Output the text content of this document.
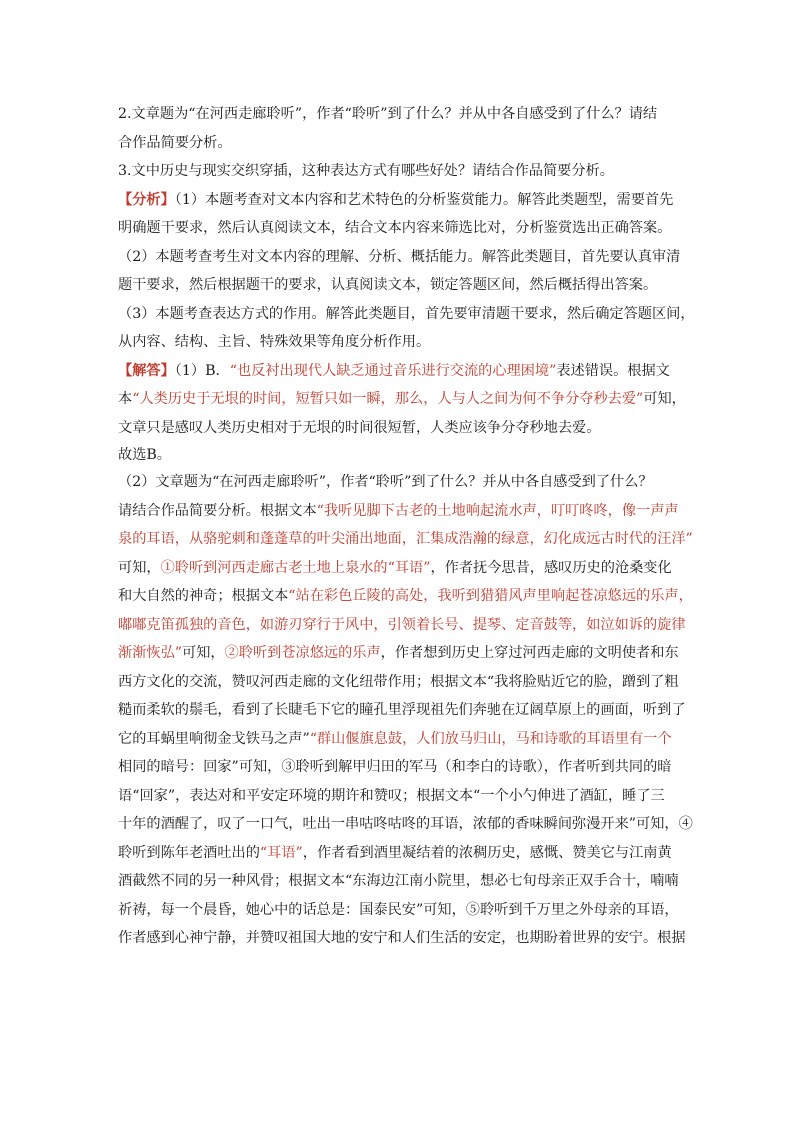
2.文章题为“在河西走廊聆听”，作者“聆听”到了什么？并从中各自感受到了什么？请结
合作品简要分析。
3.文中历史与现实交织穿插，这种表达方式有哪些好处？请结合作品简要分析。
【分析】（1）本题考查对文本内容和艺术特色的分析鉴赏能力。解答此类题型，需要首先
明确题干要求，然后认真阅读文本，结合文本内容来筛选比对，分析鉴赏选出正确答案。
（2）本题考查考生对文本内容的理解、分析、概括能力。解答此类题目，首先要认真审清
题干要求，然后根据题干的要求，认真阅读文本，锁定答题区间，然后概括得出答案。
（3）本题考查表达方式的作用。解答此类题目，首先要审清题干要求，然后确定答题区间，
从内容、结构、主旨、特殊效果等角度分析作用。
【解答】（1）B．“也反衬出现代人缺乏通过音乐进行交流的心理困境”表述错误。根据文
本“人类历史于无垠的时间，短暂只如一瞬，那么，人与人之间为何不争分夺秒去爱”可知，
文章只是感叹人类历史相对于无垠的时间很短暂，人类应该争分夺秒地去爱。
故选B。
（2）文章题为“在河西走廊聆听”，作者“聆听”到了什么？并从中各自感受到了什么？
请结合作品简要分析。根据文本“我听见脚下古老的土地响起流水声，叮叮咚咚，像一声声
泉的耳语，从骆驼刺和蓬蓬草的叶尖涌出地面，汇集成浩瀚的绿意，幻化成远古时代的汪洋”
可知，①聆听到河西走廊古老土地上泉水的“耳语”，作者抚今思昔，感叹历史的沧桑变化
和大自然的神奇；根据文本“站在彩色丘陵的高处，我听到猎猎风声里响起苍凉悠远的乐声，
嘟嘟克笛孤独的音色，如游刃穿行于风中，引领着长号、提琴、定音鼓等，如泣如诉的旋律
渐渐恢弘”可知，②聆听到苍凉悠远的乐声，作者想到历史上穿过河西走廊的文明使者和东
西方文化的交流，赞叹河西走廊的文化纽带作用；根据文本“我将脸贴近它的脸，蹭到了粗
糙而柔软的鬃毛，看到了长睫毛下它的瞳孔里浮现祖先们奔驰在辽阔草原上的画面，听到了
它的耳蜗里响彻金戈铁马之声”“群山偃旗息鼓，人们放马归山，马和诗歌的耳语里有一个
相同的暗号：回家”可知，③聆听到解甲归田的军马（和李白的诗歌），作者听到共同的暗
语“回家”，表达对和平安定环境的期许和赞叹；根据文本“一个小勺伸进了酒缸，睡了三
十年的酒醒了，叹了一口气，吐出一串咕咚咕咚的耳语，浓郁的香味瞬间弥漫开来”可知，④
聆听到陈年老酒吐出的“耳语”，作者看到酒里凝结着的浓稠历史，感慨、赞美它与江南黄
酒截然不同的另一种风骨；根据文本“东海边江南小院里，想必七旬母亲正双手合十，喃喃
祈祷，每一个晨昏，她心中的话总是：国泰民安”可知，⑤聆听到千万里之外母亲的耳语，
作者感到心神宁静，并赞叹祖国大地的安宁和人们生活的安定，也期盼着世界的安宁。根据
